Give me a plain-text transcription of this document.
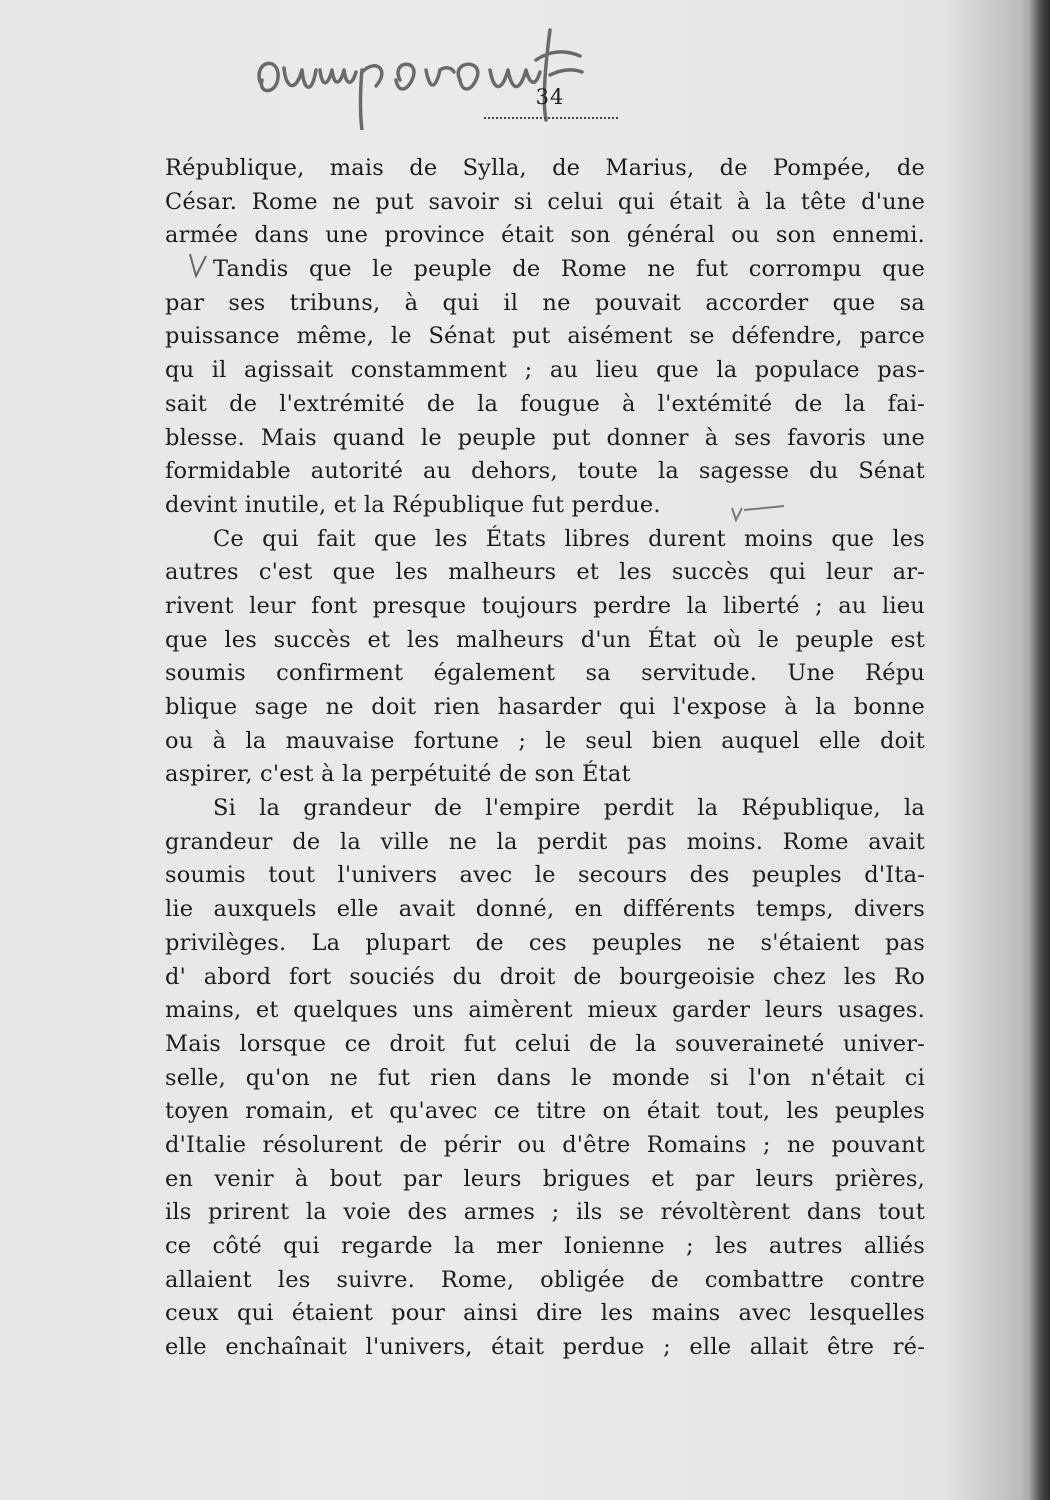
34
République, mais de Sylla, de Marius, de Pompée, de
César. Rome ne put savoir si celui qui était à la tête d'une
armée dans une province était son général ou son ennemi.
Tandis que le peuple de Rome ne fut corrompu que
par ses tribuns, à qui il ne pouvait accorder que sa
puissance même, le Sénat put aisément se défendre, parce
qu il agissait constamment ; au lieu que la populace pas-
sait de l'extrémité de la fougue à l'extémité de la fai-
blesse. Mais quand le peuple put donner à ses favoris une
formidable autorité au dehors, toute la sagesse du Sénat
devint inutile, et la République fut perdue.
Ce qui fait que les États libres durent moins que les
autres c'est que les malheurs et les succès qui leur ar-
rivent leur font presque toujours perdre la liberté ; au lieu
que les succès et les malheurs d'un État où le peuple est
soumis confirment également sa servitude. Une Répu
blique sage ne doit rien hasarder qui l'expose à la bonne
ou à la mauvaise fortune ; le seul bien auquel elle doit
aspirer, c'est à la perpétuité de son État
Si la grandeur de l'empire perdit la République, la
grandeur de la ville ne la perdit pas moins. Rome avait
soumis tout l'univers avec le secours des peuples d'Ita-
lie auxquels elle avait donné, en différents temps, divers
privilèges. La plupart de ces peuples ne s'étaient pas
d' abord fort souciés du droit de bourgeoisie chez les Ro
mains, et quelques uns aimèrent mieux garder leurs usages.
Mais lorsque ce droit fut celui de la souveraineté univer-
selle, qu'on ne fut rien dans le monde si l'on n'était ci
toyen romain, et qu'avec ce titre on était tout, les peuples
d'Italie résolurent de périr ou d'être Romains ; ne pouvant
en venir à bout par leurs brigues et par leurs prières,
ils prirent la voie des armes ; ils se révoltèrent dans tout
ce côté qui regarde la mer Ionienne ; les autres alliés
allaient les suivre. Rome, obligée de combattre contre
ceux qui étaient pour ainsi dire les mains avec lesquelles
elle enchaînait l'univers, était perdue ; elle allait être ré-
